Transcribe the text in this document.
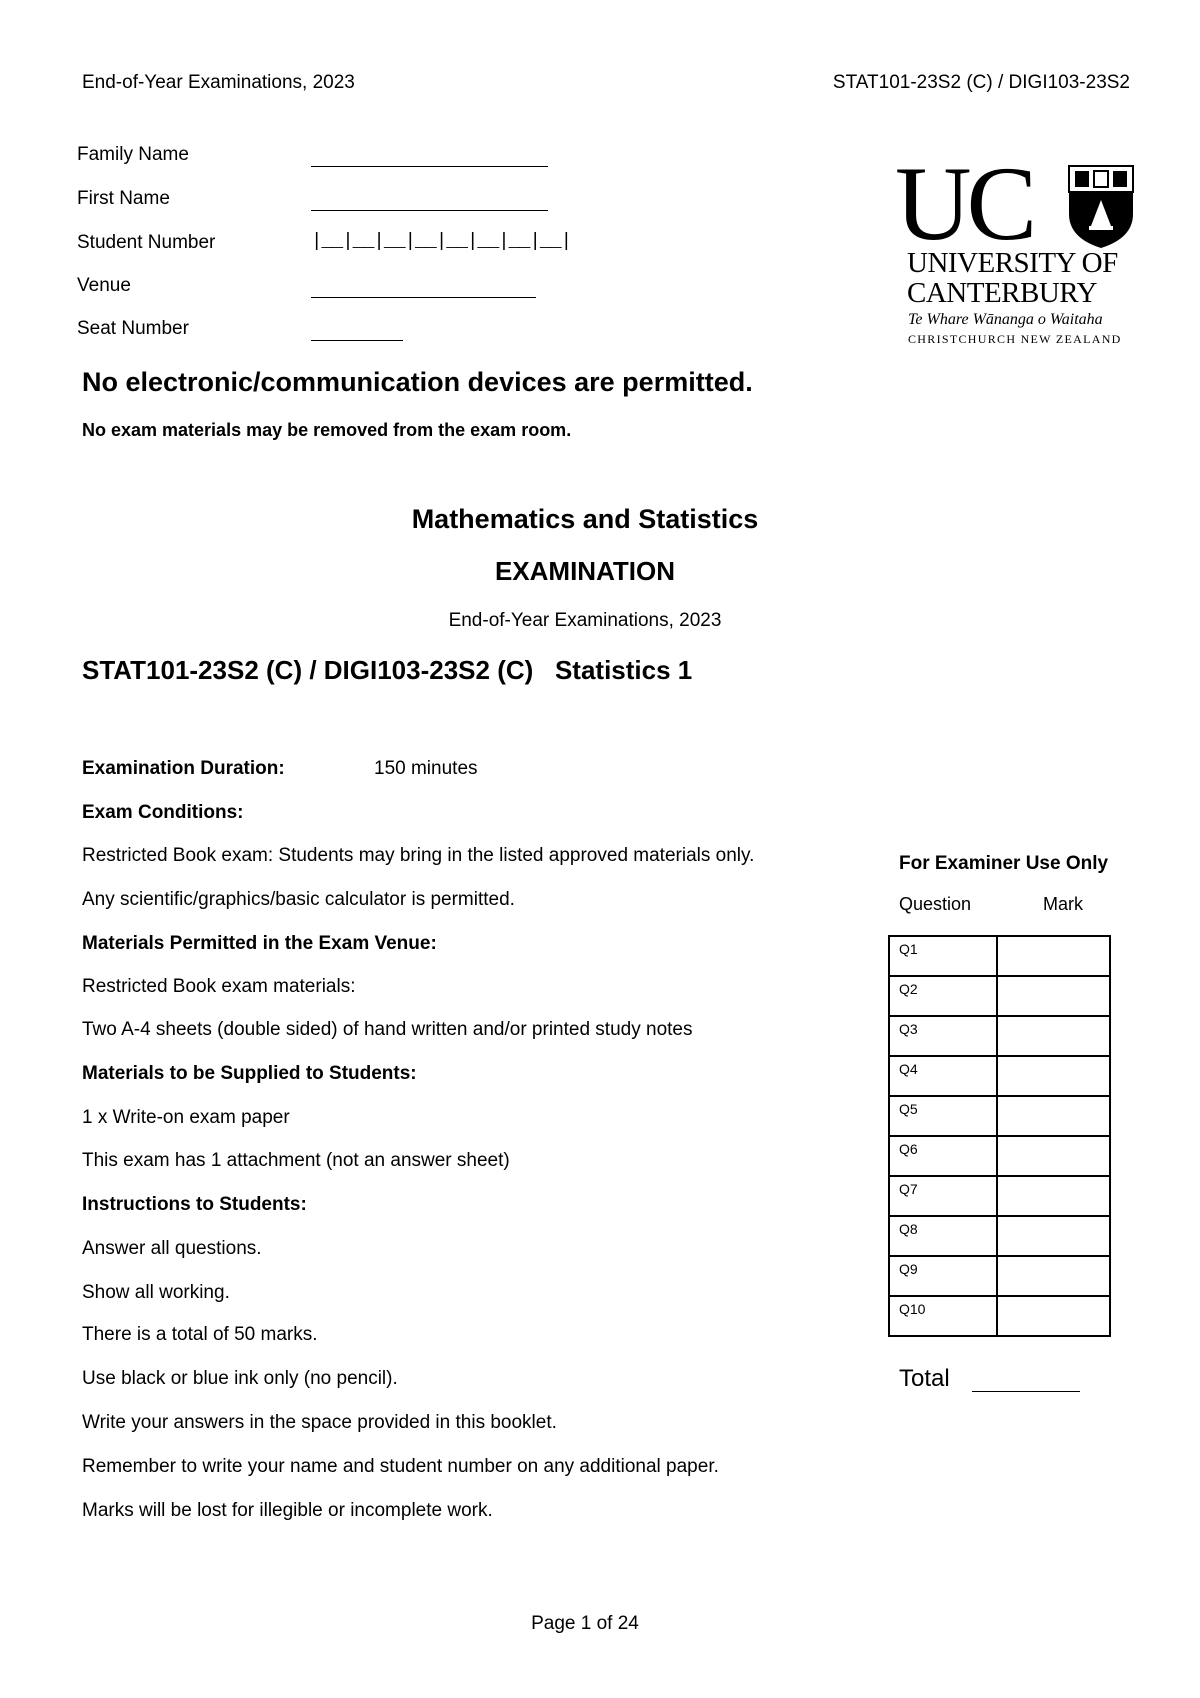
End-of-Year Examinations, 2023	STAT101-23S2 (C) / DIGI103-23S2
Family Name
First Name
Student Number	|__|__|__|__|__|__|__|__|
Venue
Seat Number
UC
UNIVERSITY OF
CANTERBURY
Te Whare Wānanga o Waitaha
CHRISTCHURCH NEW ZEALAND
No electronic/communication devices are permitted.
No exam materials may be removed from the exam room.
Mathematics and Statistics
EXAMINATION
End-of-Year Examinations, 2023
STAT101-23S2 (C) / DIGI103-23S2 (C)   Statistics 1
Examination Duration:	150 minutes
Exam Conditions:
Restricted Book exam: Students may bring in the listed approved materials only.
Any scientific/graphics/basic calculator is permitted.
Materials Permitted in the Exam Venue:
Restricted Book exam materials:
Two A-4 sheets (double sided) of hand written and/or printed study notes
Materials to be Supplied to Students:
1 x Write-on exam paper
This exam has 1 attachment (not an answer sheet)
Instructions to Students:
Answer all questions.
Show all working.
There is a total of 50 marks.
Use black or blue ink only (no pencil).
Write your answers in the space provided in this booklet.
Remember to write your name and student number on any additional paper.
Marks will be lost for illegible or incomplete work.
For Examiner Use Only
Question	Mark
Q1	
Q2	
Q3	
Q4	
Q5	
Q6	
Q7	
Q8	
Q9	
Q10	
Total
Page 1 of 24
